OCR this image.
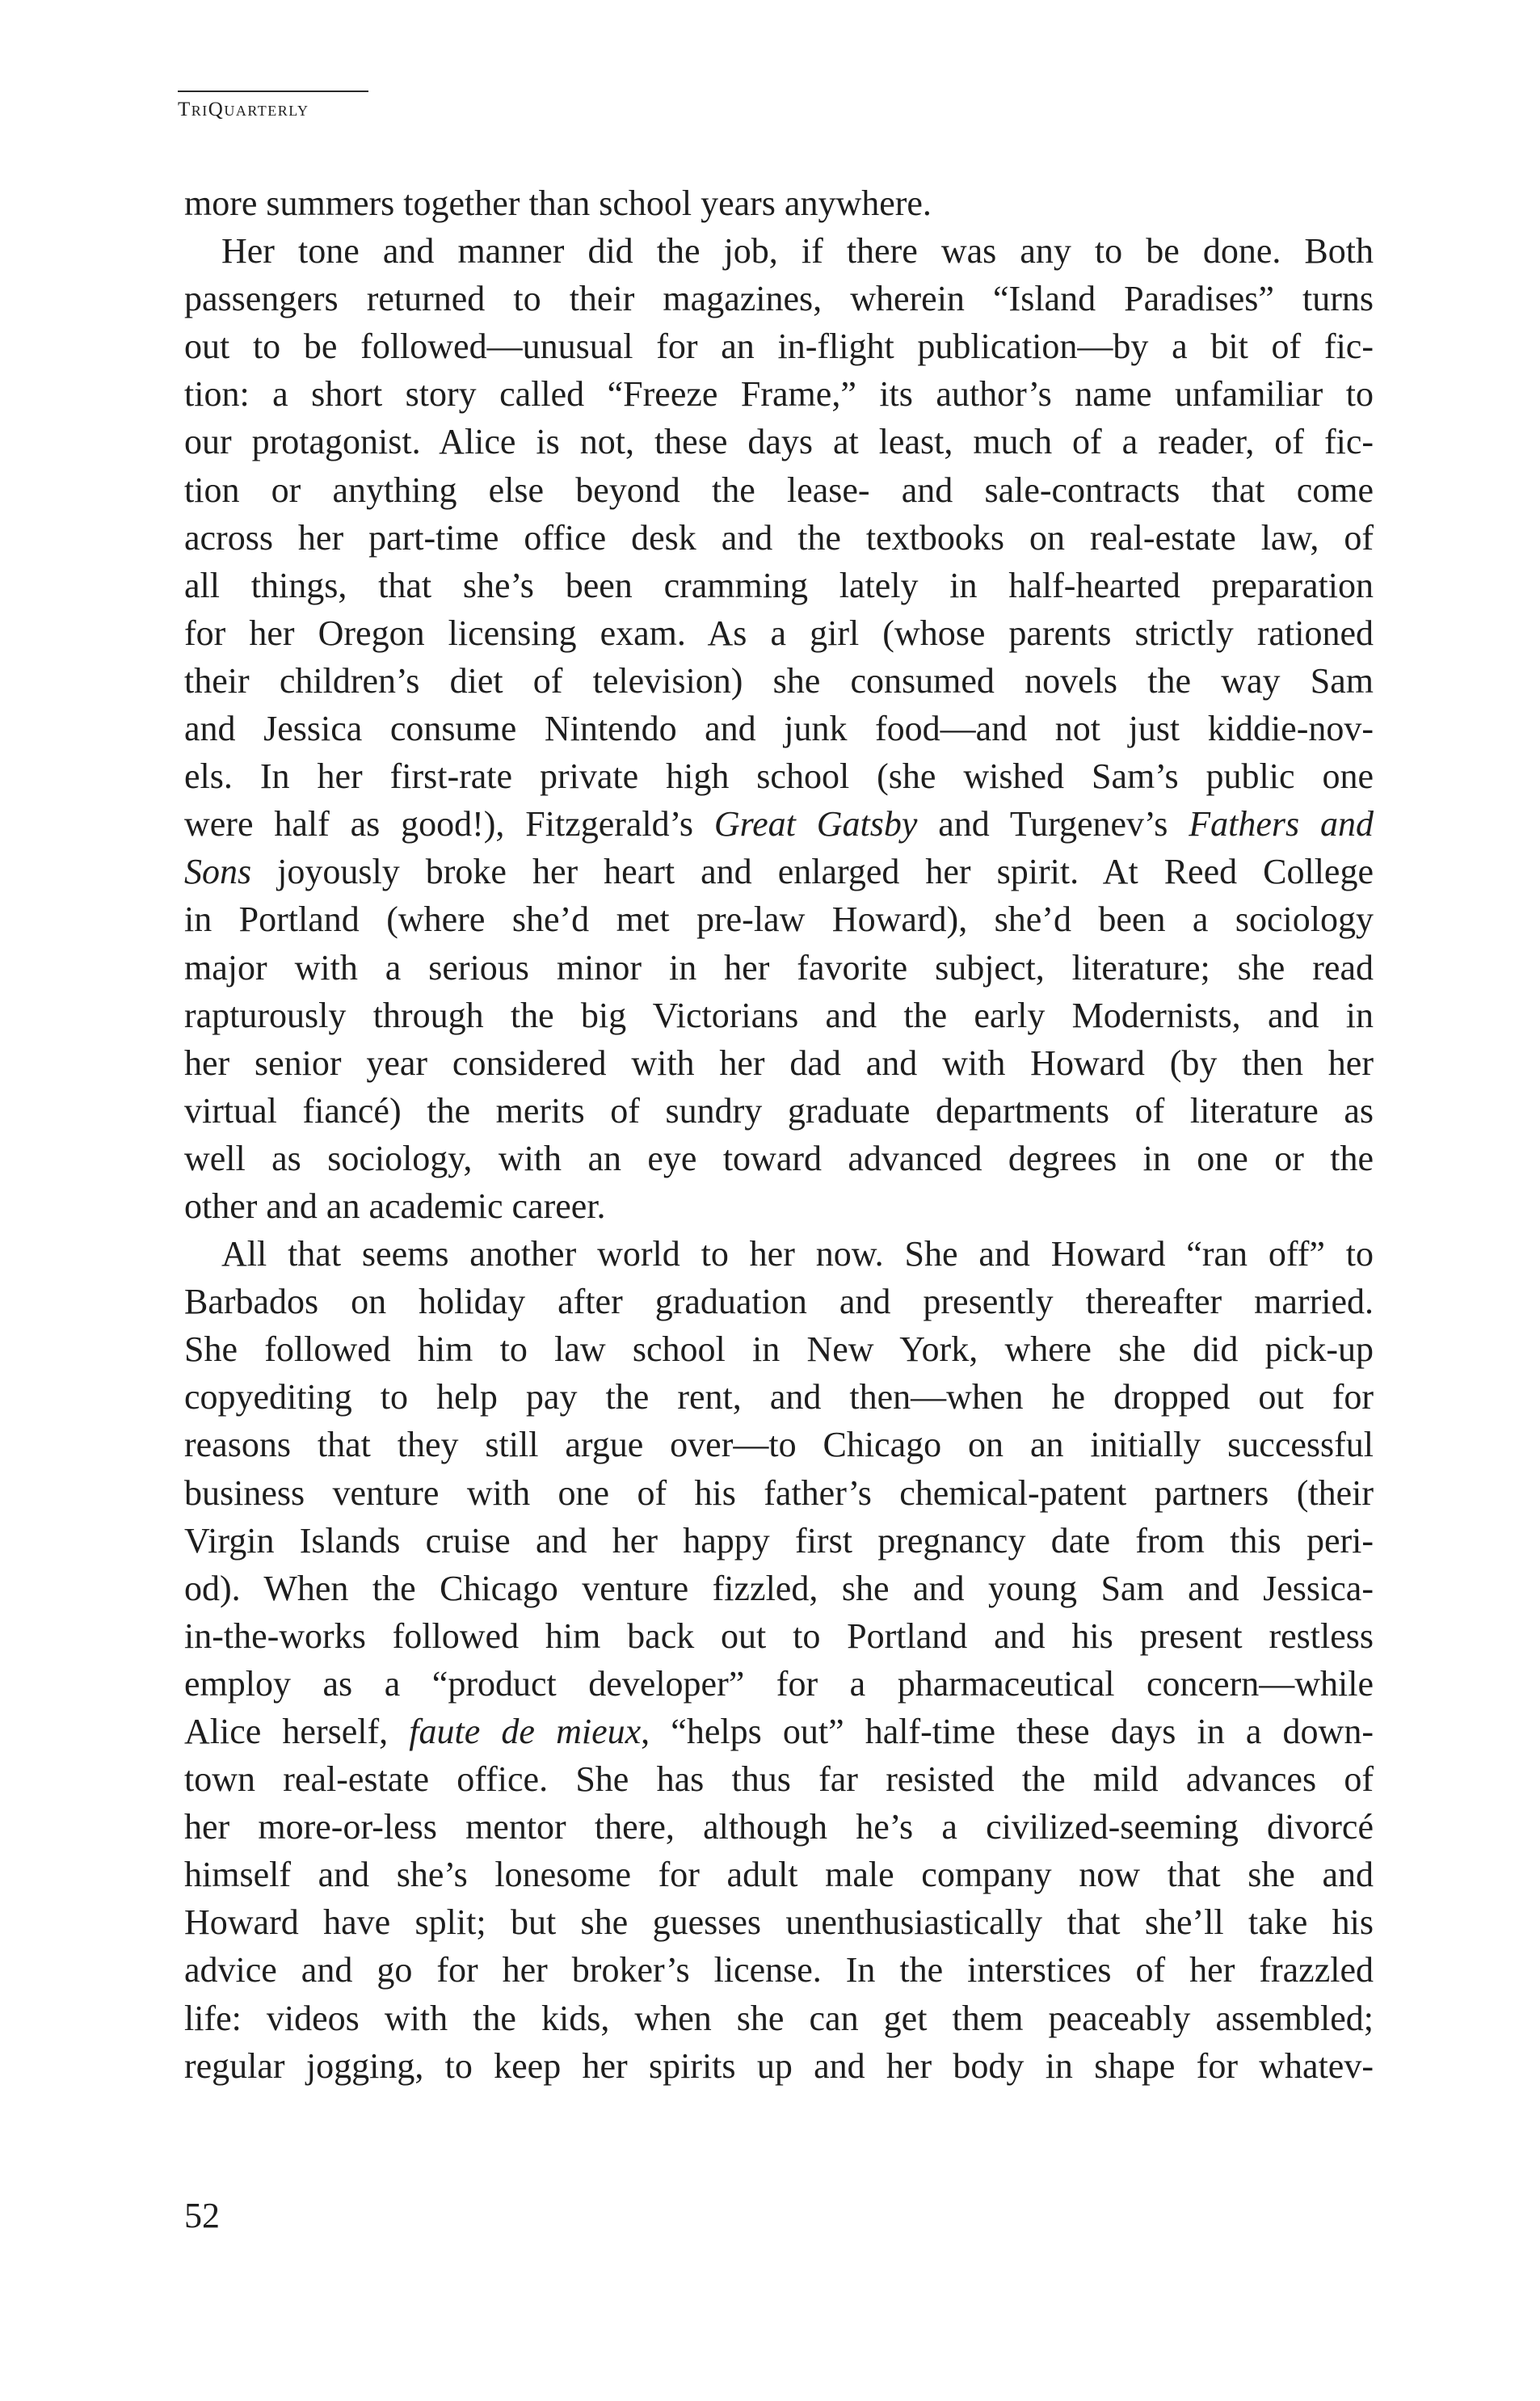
TriQuarterly
more summers together than school years anywhere.
Her tone and manner did the job, if there was any to be done. Both
passengers returned to their magazines, wherein “Island Paradises” turns
out to be followed—unusual for an in-flight publication—by a bit of fic-
tion: a short story called “Freeze Frame,” its author’s name unfamiliar to
our protagonist. Alice is not, these days at least, much of a reader, of fic-
tion or anything else beyond the lease- and sale-contracts that come
across her part-time office desk and the textbooks on real-estate law, of
all things, that she’s been cramming lately in half-hearted preparation
for her Oregon licensing exam. As a girl (whose parents strictly rationed
their children’s diet of television) she consumed novels the way Sam
and Jessica consume Nintendo and junk food—and not just kiddie-nov-
els. In her first-rate private high school (she wished Sam’s public one
were half as good!), Fitzgerald’s Great Gatsby and Turgenev’s Fathers and
Sons joyously broke her heart and enlarged her spirit. At Reed College
in Portland (where she’d met pre-law Howard), she’d been a sociology
major with a serious minor in her favorite subject, literature; she read
rapturously through the big Victorians and the early Modernists, and in
her senior year considered with her dad and with Howard (by then her
virtual fiancé) the merits of sundry graduate departments of literature as
well as sociology, with an eye toward advanced degrees in one or the
other and an academic career.
All that seems another world to her now. She and Howard “ran off” to
Barbados on holiday after graduation and presently thereafter married.
She followed him to law school in New York, where she did pick-up
copyediting to help pay the rent, and then—when he dropped out for
reasons that they still argue over—to Chicago on an initially successful
business venture with one of his father’s chemical-patent partners (their
Virgin Islands cruise and her happy first pregnancy date from this peri-
od). When the Chicago venture fizzled, she and young Sam and Jessica-
in-the-works followed him back out to Portland and his present restless
employ as a “product developer” for a pharmaceutical concern—while
Alice herself, faute de mieux, “helps out” half-time these days in a down-
town real-estate office. She has thus far resisted the mild advances of
her more-or-less mentor there, although he’s a civilized-seeming divorcé
himself and she’s lonesome for adult male company now that she and
Howard have split; but she guesses unenthusiastically that she’ll take his
advice and go for her broker’s license. In the interstices of her frazzled
life: videos with the kids, when she can get them peaceably assembled;
regular jogging, to keep her spirits up and her body in shape for whatev-
52
